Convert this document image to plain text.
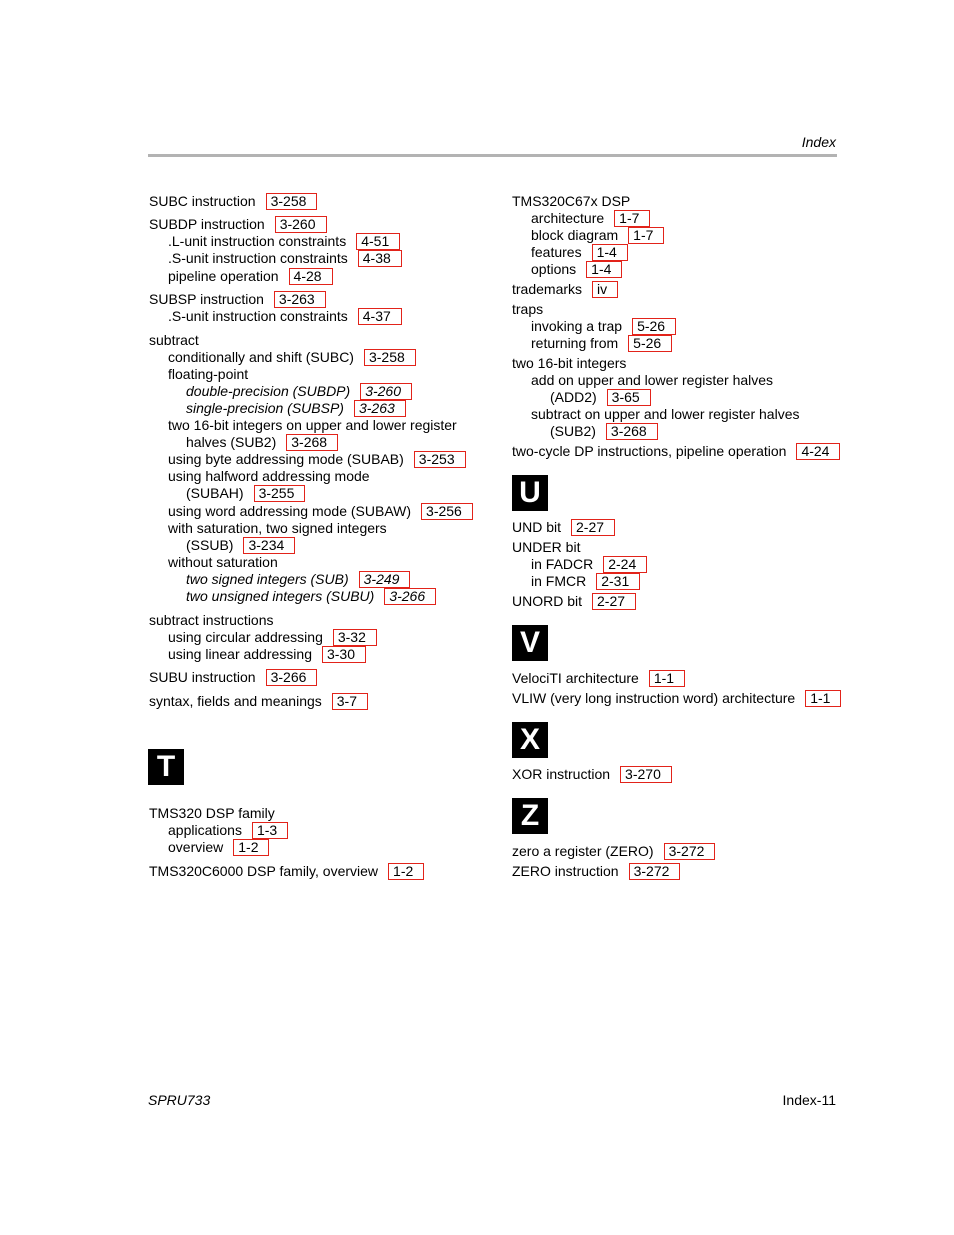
Index
SUBC instruction 3-258
SUBDP instruction 3-260
.L-unit instruction constraints 4-51
.S-unit instruction constraints 4-38
pipeline operation 4-28
SUBSP instruction 3-263
.S-unit instruction constraints 4-37
subtract
conditionally and shift (SUBC) 3-258
floating-point
double-precision (SUBDP) 3-260
single-precision (SUBSP) 3-263
two 16-bit integers on upper and lower register
halves (SUB2) 3-268
using byte addressing mode (SUBAB) 3-253
using halfword addressing mode
(SUBAH) 3-255
using word addressing mode (SUBAW) 3-256
with saturation, two signed integers
(SSUB) 3-234
without saturation
two signed integers (SUB) 3-249
two unsigned integers (SUBU) 3-266
subtract instructions
using circular addressing 3-32
using linear addressing 3-30
SUBU instruction 3-266
syntax, fields and meanings 3-7
T
TMS320 DSP family
applications 1-3
overview 1-2
TMS320C6000 DSP family, overview 1-2
TMS320C67x DSP
architecture 1-7
block diagram 1-7
features 1-4
options 1-4
trademarks iv
traps
invoking a trap 5-26
returning from 5-26
two 16-bit integers
add on upper and lower register halves
(ADD2) 3-65
subtract on upper and lower register halves
(SUB2) 3-268
two-cycle DP instructions, pipeline operation 4-24
U
UND bit 2-27
UNDER bit
in FADCR 2-24
in FMCR 2-31
UNORD bit 2-27
V
VelociTI architecture 1-1
VLIW (very long instruction word) architecture 1-1
X
XOR instruction 3-270
Z
zero a register (ZERO) 3-272
ZERO instruction 3-272
SPRU733	Index-11
